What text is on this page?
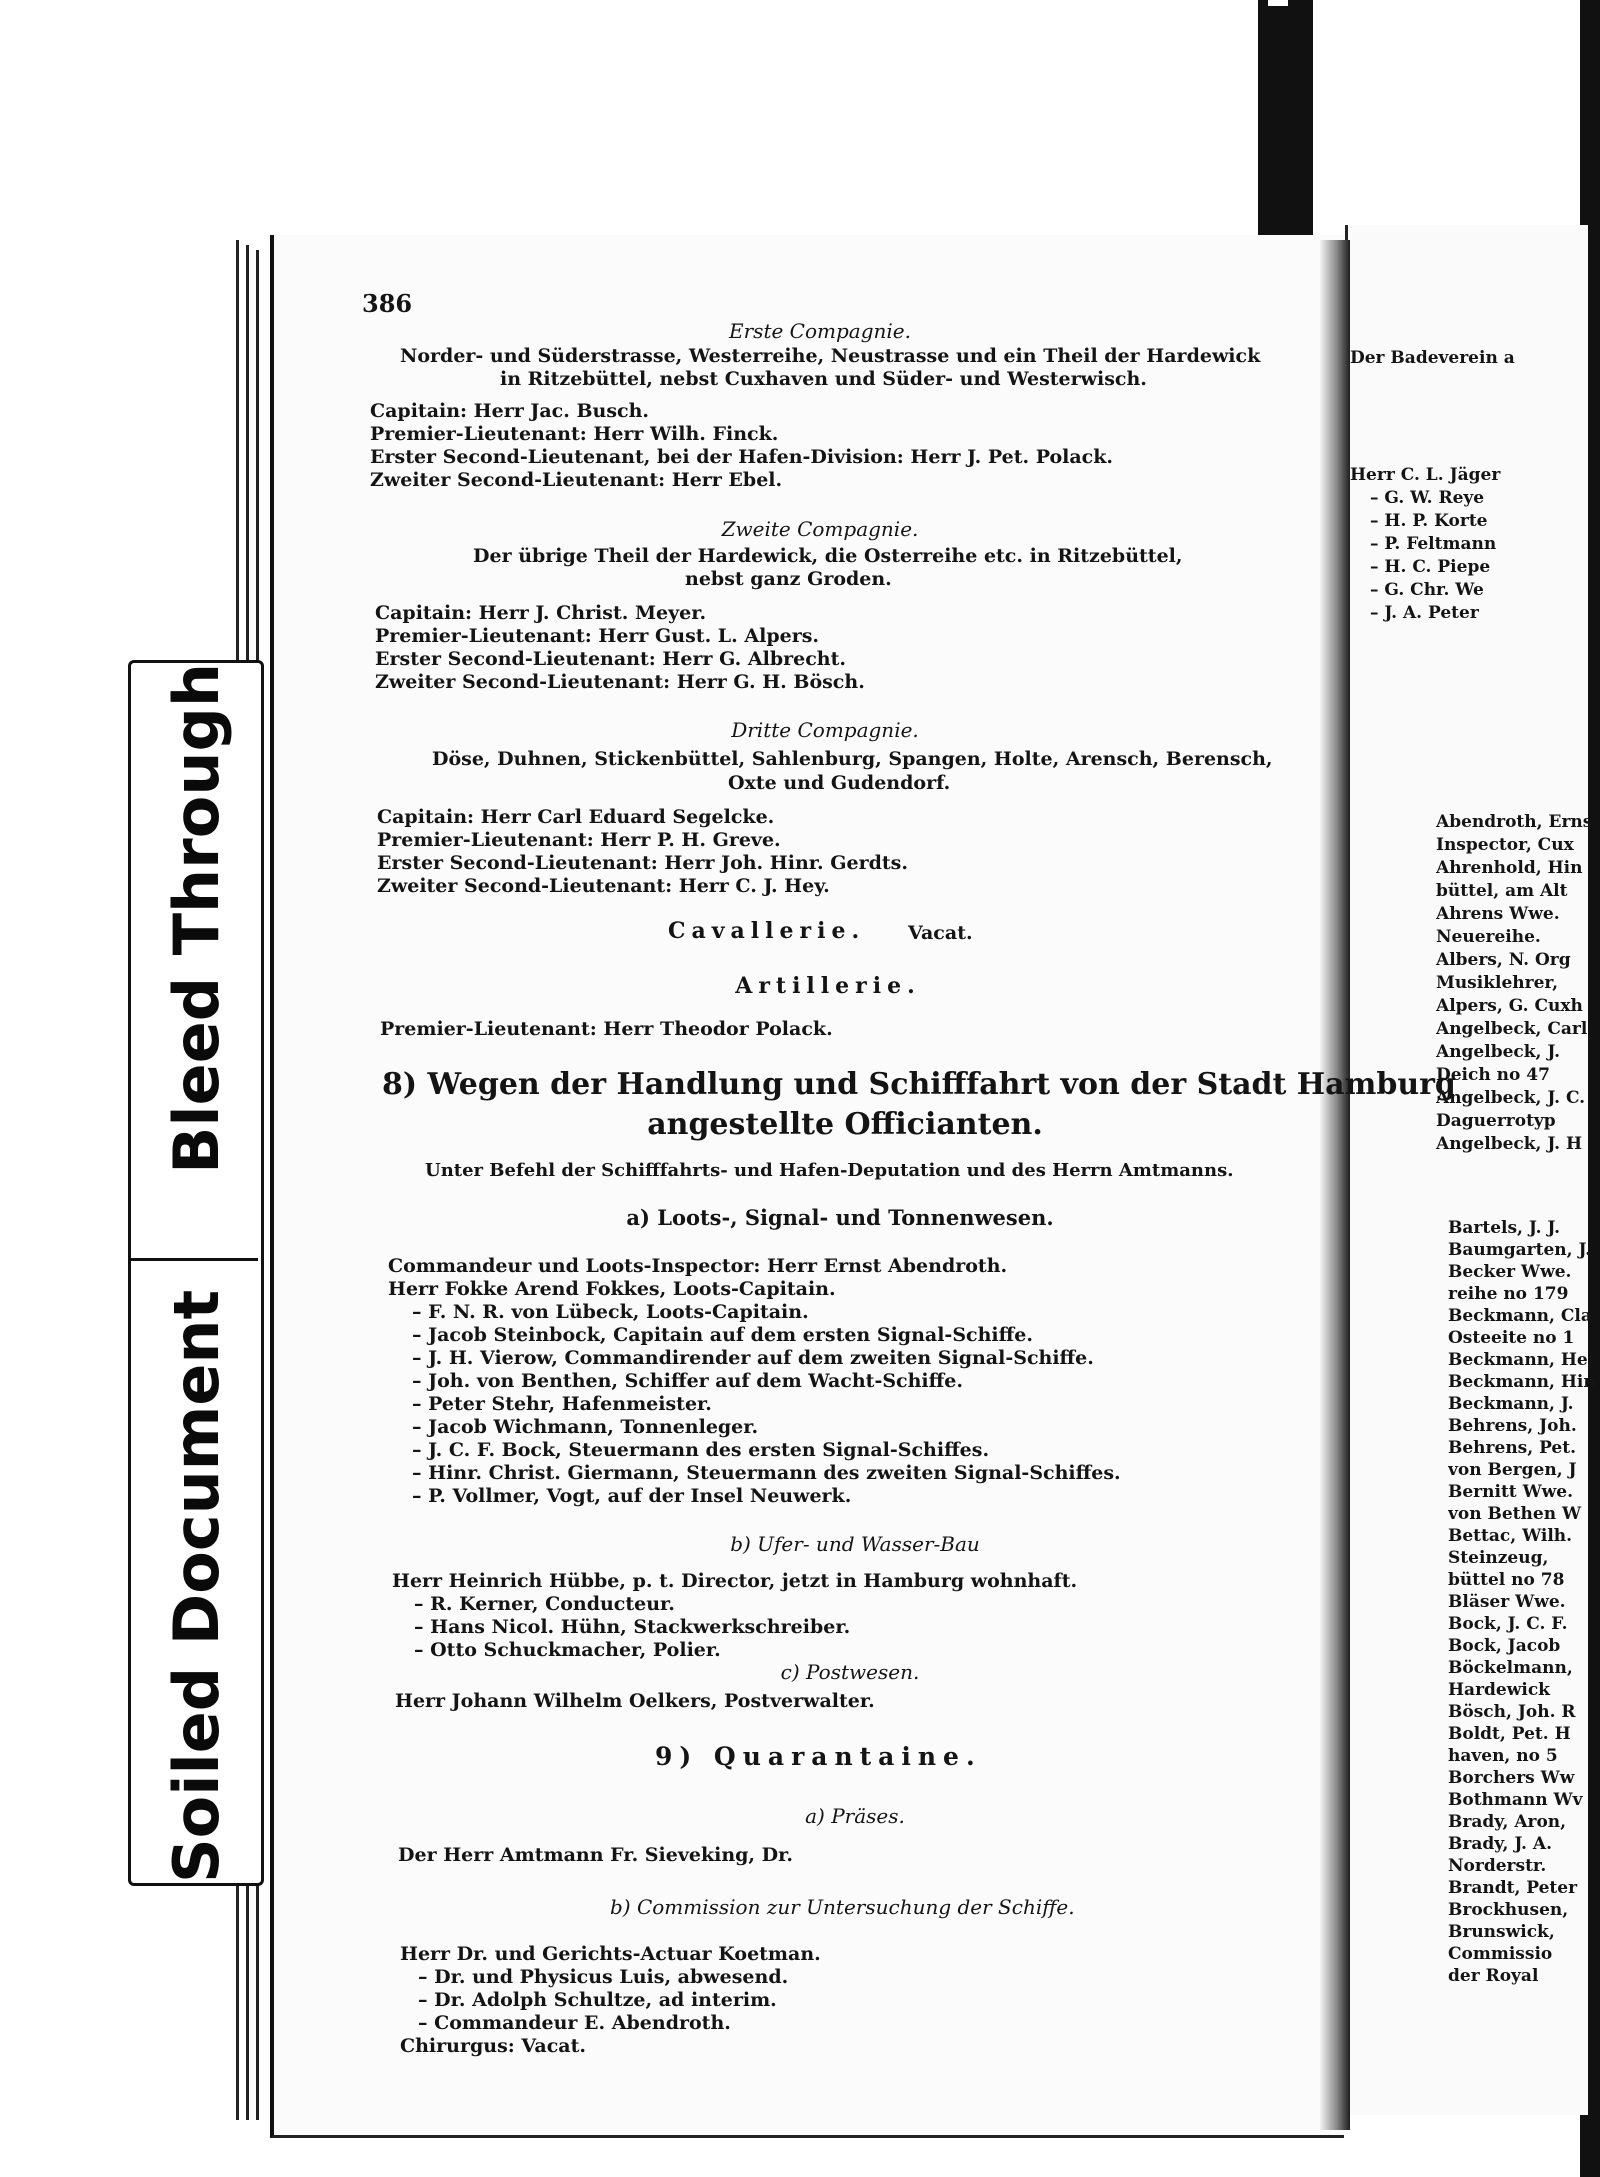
Soiled Document
Bleed Through
386
Erste Compagnie.
Norder- und Süderstrasse, Westerreihe, Neustrasse und ein Theil der Hardewick
in Ritzebüttel, nebst Cuxhaven und Süder- und Westerwisch.
Capitain: Herr Jac. Busch.
Premier-Lieutenant: Herr Wilh. Finck.
Erster Second-Lieutenant, bei der Hafen-Division: Herr J. Pet. Polack.
Zweiter Second-Lieutenant: Herr Ebel.
Zweite Compagnie.
Der übrige Theil der Hardewick, die Osterreihe etc. in Ritzebüttel,
nebst ganz Groden.
Capitain: Herr J. Christ. Meyer.
Premier-Lieutenant: Herr Gust. L. Alpers.
Erster Second-Lieutenant: Herr G. Albrecht.
Zweiter Second-Lieutenant: Herr G. H. Bösch.
Dritte Compagnie.
Döse, Duhnen, Stickenbüttel, Sahlenburg, Spangen, Holte, Arensch, Berensch,
Oxte und Gudendorf.
Capitain: Herr Carl Eduard Segelcke.
Premier-Lieutenant: Herr P. H. Greve.
Erster Second-Lieutenant: Herr Joh. Hinr. Gerdts.
Zweiter Second-Lieutenant: Herr C. J. Hey.
Cavallerie. Vacat.
Artillerie.
Premier-Lieutenant: Herr Theodor Polack.
8) Wegen der Handlung und Schifffahrt von der Stadt Hamburg
angestellte Officianten.
Unter Befehl der Schifffahrts- und Hafen-Deputation und des Herrn Amtmanns.
a) Loots-, Signal- und Tonnenwesen.
Commandeur und Loots-Inspector: Herr Ernst Abendroth.
Herr Fokke Arend Fokkes, Loots-Capitain.
– F. N. R. von Lübeck, Loots-Capitain.
– Jacob Steinbock, Capitain auf dem ersten Signal-Schiffe.
– J. H. Vierow, Commandirender auf dem zweiten Signal-Schiffe.
– Joh. von Benthen, Schiffer auf dem Wacht-Schiffe.
– Peter Stehr, Hafenmeister.
– Jacob Wichmann, Tonnenleger.
– J. C. F. Bock, Steuermann des ersten Signal-Schiffes.
– Hinr. Christ. Giermann, Steuermann des zweiten Signal-Schiffes.
– P. Vollmer, Vogt, auf der Insel Neuwerk.
b) Ufer- und Wasser-Bau
Herr Heinrich Hübbe, p. t. Director, jetzt in Hamburg wohnhaft.
– R. Kerner, Conducteur.
– Hans Nicol. Hühn, Stackwerkschreiber.
– Otto Schuckmacher, Polier.
c) Postwesen.
Herr Johann Wilhelm Oelkers, Postverwalter.
9) Quarantaine.
a) Präses.
Der Herr Amtmann Fr. Sieveking, Dr.
b) Commission zur Untersuchung der Schiffe.
Herr Dr. und Gerichts-Actuar Koetman.
– Dr. und Physicus Luis, abwesend.
– Dr. Adolph Schultze, ad interim.
– Commandeur E. Abendroth.
Chirurgus: Vacat.
Der Badeverein a
Herr C. L. Jäger
– G. W. Reye
– H. P. Korte
– P. Feltmann
– H. C. Piepe
– G. Chr. We
– J. A. Peter
Abendroth, Erns
Inspector, Cux
Ahrenhold, Hin
büttel, am Alt
Ahrens Wwe.
Neuereihe.
Albers, N. Org
Musiklehrer,
Alpers, G. Cuxh
Angelbeck, Carl
Angelbeck, J.
Deich no 47
Angelbeck, J. C.
Daguerrotyp
Angelbeck, J. H
Bartels, J. J.
Baumgarten, J.
Becker Wwe.
reihe no 179
Beckmann, Cla
Osteeite no 1
Beckmann, Hei
Beckmann, Hin
Beckmann, J.
Behrens, Joh.
Behrens, Pet.
von Bergen, J
Bernitt Wwe.
von Bethen W
Bettac, Wilh.
Steinzeug,
büttel no 78
Bläser Wwe.
Bock, J. C. F.
Bock, Jacob
Böckelmann,
Hardewick
Bösch, Joh. R
Boldt, Pet. H
haven, no 5
Borchers Ww
Bothmann Wv
Brady, Aron,
Brady, J. A.
Norderstr.
Brandt, Peter
Brockhusen,
Brunswick,
Commissio
der Royal
